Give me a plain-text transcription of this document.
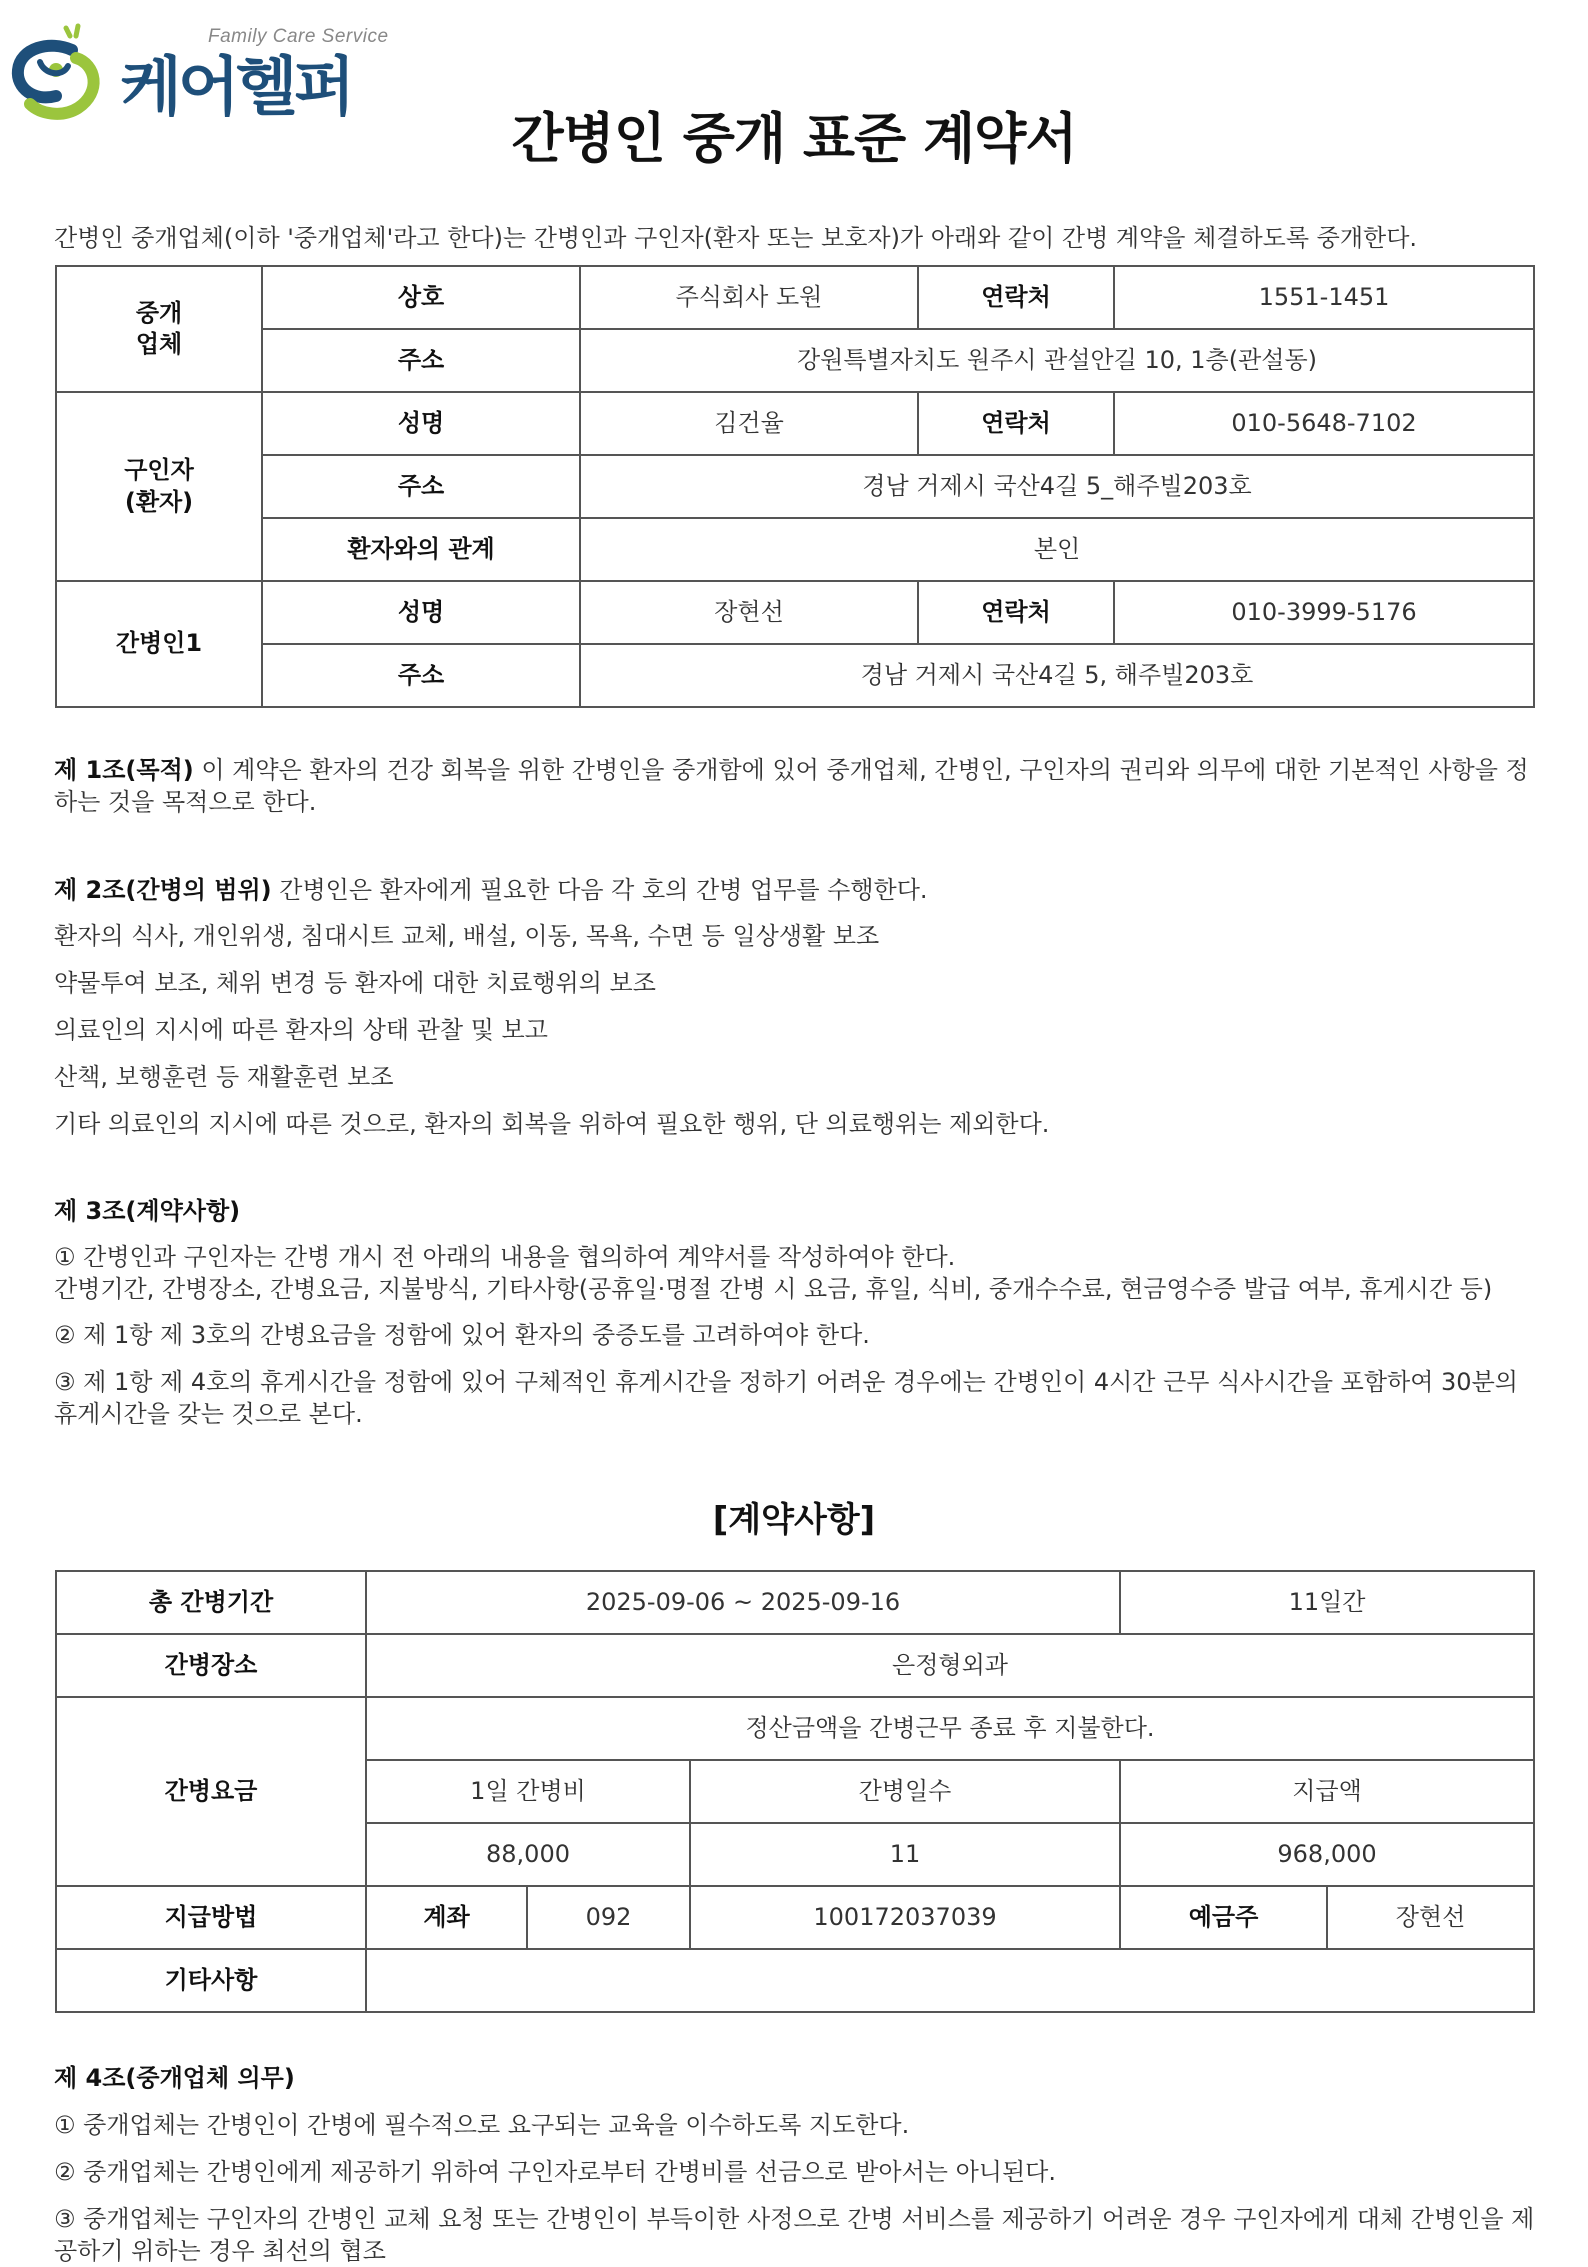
Family Care Service
케어헬퍼
간병인 중개 표준 계약서
간병인 중개업체(이하 '중개업체'라고 한다)는 간병인과 구인자(환자 또는 보호자)가 아래와 같이 간병 계약을 체결하도록 중개한다.
중개
업체	상호	주식회사 도원	연락처	1551-1451
	주소	강원특별자치도 원주시 관설안길 10, 1층(관설동)		
구인자
(환자)	성명	김건율	연락처	010-5648-7102
	주소	경남 거제시 국산4길 5_해주빌203호		
	환자와의 관계	본인		
간병인1	성명	장현선	연락처	010-3999-5176
	주소	경남 거제시 국산4길 5, 해주빌203호		
제 1조(목적) 이 계약은 환자의 건강 회복을 위한 간병인을 중개함에 있어 중개업체, 간병인, 구인자의 권리와 의무에 대한 기본적인 사항을 정하는 것을 목적으로 한다.
제 2조(간병의 범위) 간병인은 환자에게 필요한 다음 각 호의 간병 업무를 수행한다.
환자의 식사, 개인위생, 침대시트 교체, 배설, 이동, 목욕, 수면 등 일상생활 보조
약물투여 보조, 체위 변경 등 환자에 대한 치료행위의 보조
의료인의 지시에 따른 환자의 상태 관찰 및 보고
산책, 보행훈련 등 재활훈련 보조
기타 의료인의 지시에 따른 것으로, 환자의 회복을 위하여 필요한 행위, 단 의료행위는 제외한다.
제 3조(계약사항)
① 간병인과 구인자는 간병 개시 전 아래의 내용을 협의하여 계약서를 작성하여야 한다.
간병기간, 간병장소, 간병요금, 지불방식, 기타사항(공휴일·명절 간병 시 요금, 휴일, 식비, 중개수수료, 현금영수증 발급 여부, 휴게시간 등)
② 제 1항 제 3호의 간병요금을 정함에 있어 환자의 중증도를 고려하여야 한다.
③ 제 1항 제 4호의 휴게시간을 정함에 있어 구체적인 휴게시간을 정하기 어려운 경우에는 간병인이 4시간 근무 식사시간을 포함하여 30분의 휴게시간을 갖는 것으로 본다.
[계약사항]
총 간병기간	2025-09-06 ~ 2025-09-16			11일간	
간병장소	은정형외과				
간병요금	정산금액을 간병근무 종료 후 지불한다.				
	1일 간병비		간병일수	지급액	
	88,000		11	968,000	
지급방법	계좌	092	100172037039	예금주	장현선
기타사항					
제 4조(중개업체 의무)
① 중개업체는 간병인이 간병에 필수적으로 요구되는 교육을 이수하도록 지도한다.
② 중개업체는 간병인에게 제공하기 위하여 구인자로부터 간병비를 선금으로 받아서는 아니된다.
③ 중개업체는 구인자의 간병인 교체 요청 또는 간병인이 부득이한 사정으로 간병 서비스를 제공하기 어려운 경우 구인자에게 대체 간병인을 제공하기 위하는 경우 최선의 협조
